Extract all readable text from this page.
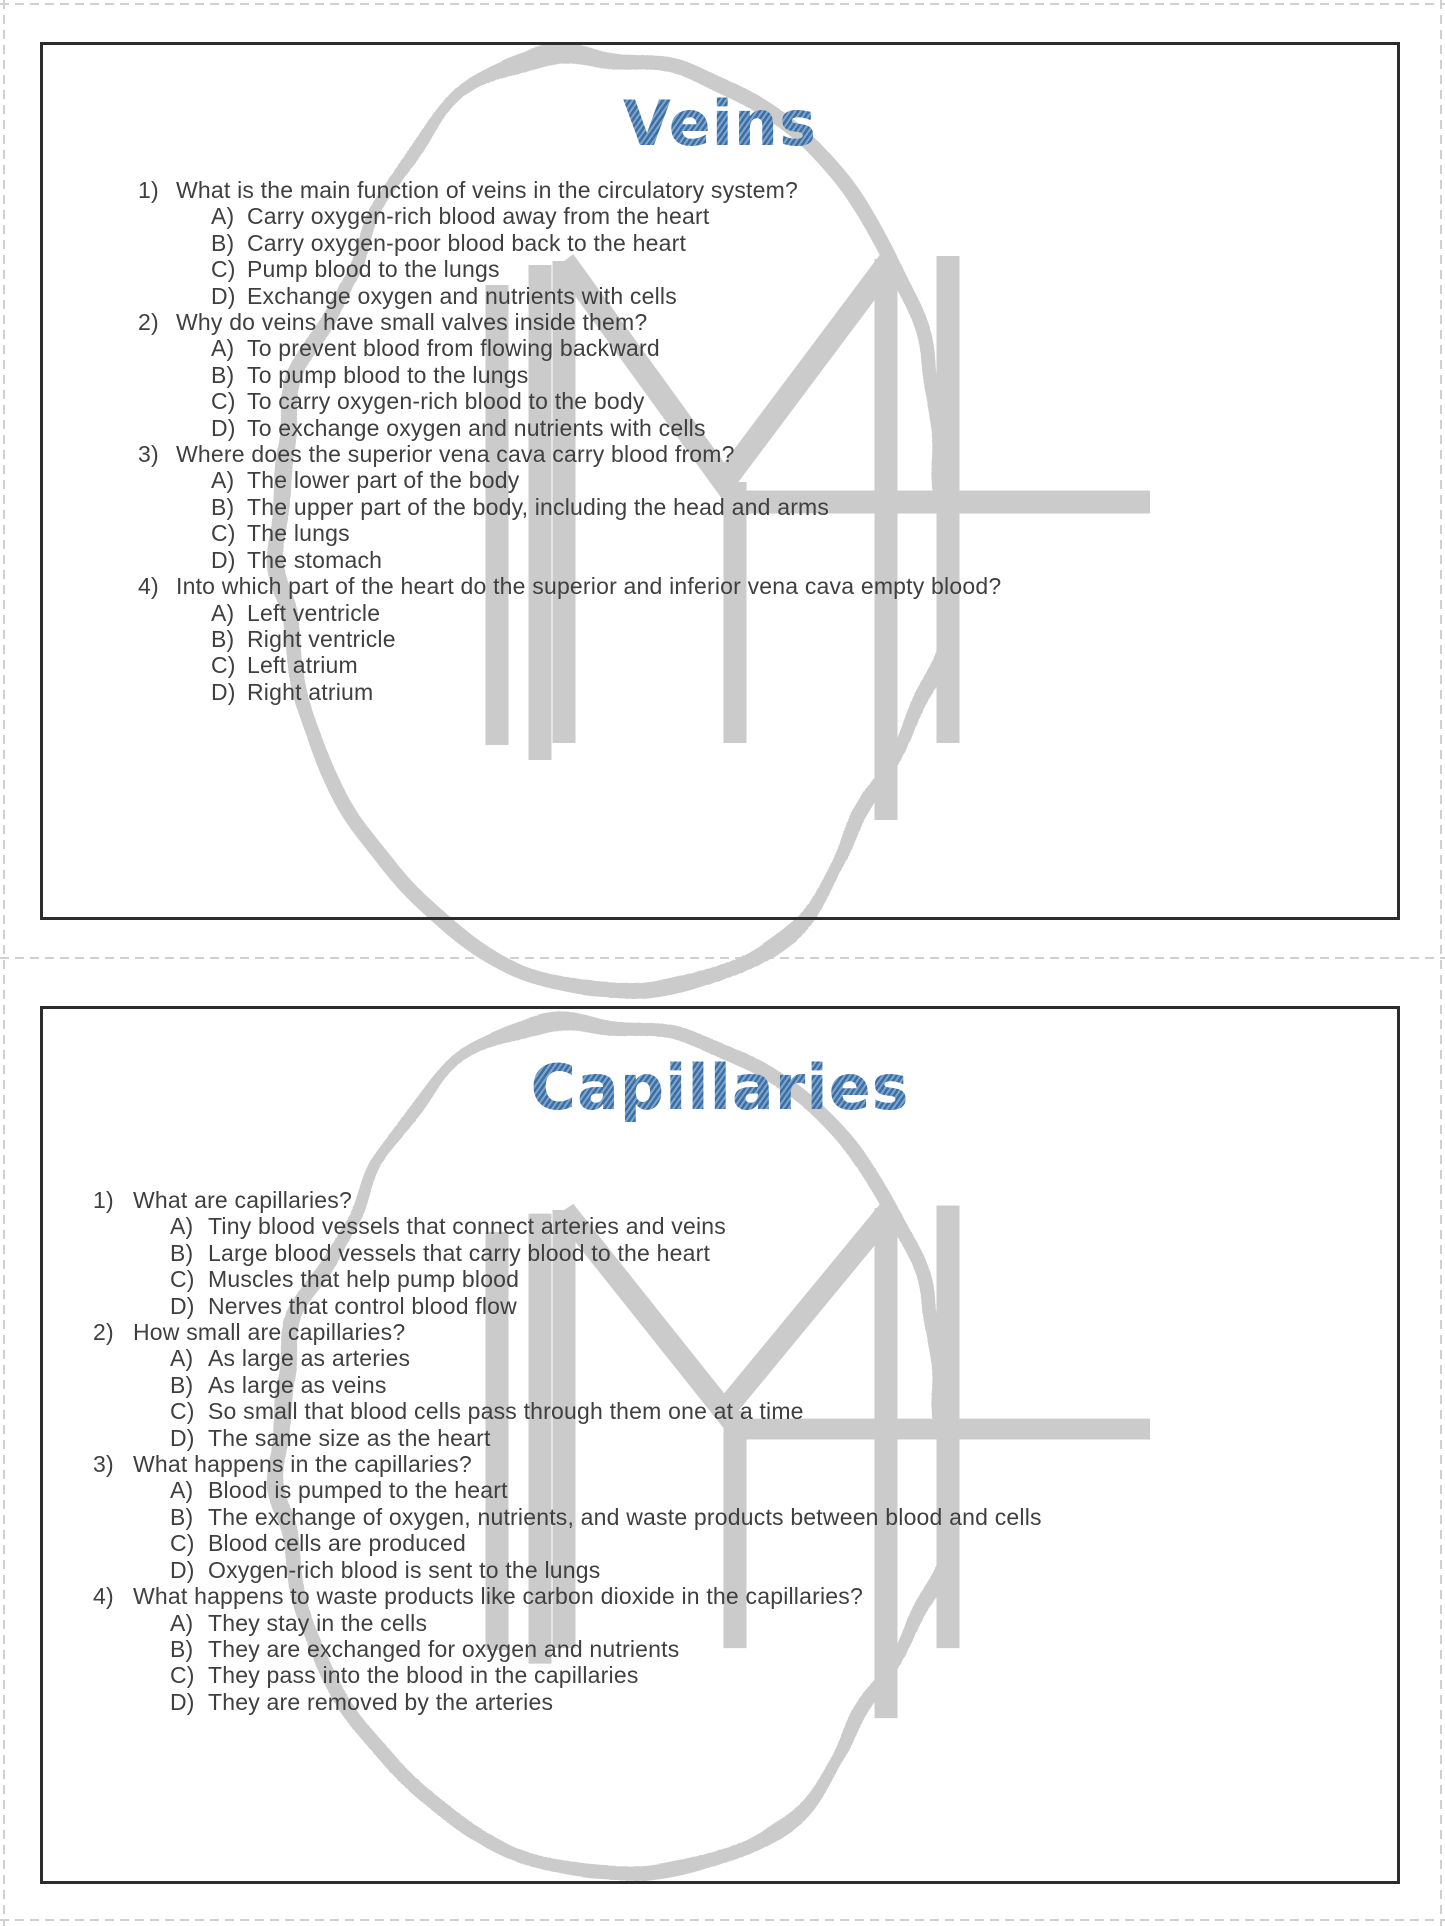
Veins
1) What is the main function of veins in the circulatory system?
A) Carry oxygen-rich blood away from the heart
B) Carry oxygen-poor blood back to the heart
C) Pump blood to the lungs
D) Exchange oxygen and nutrients with cells
2) Why do veins have small valves inside them?
A) To prevent blood from flowing backward
B) To pump blood to the lungs
C) To carry oxygen-rich blood to the body
D) To exchange oxygen and nutrients with cells
3) Where does the superior vena cava carry blood from?
A) The lower part of the body
B) The upper part of the body, including the head and arms
C) The lungs
D) The stomach
4) Into which part of the heart do the superior and inferior vena cava empty blood?
A) Left ventricle
B) Right ventricle
C) Left atrium
D) Right atrium
Capillaries
1) What are capillaries?
A) Tiny blood vessels that connect arteries and veins
B) Large blood vessels that carry blood to the heart
C) Muscles that help pump blood
D) Nerves that control blood flow
2) How small are capillaries?
A) As large as arteries
B) As large as veins
C) So small that blood cells pass through them one at a time
D) The same size as the heart
3) What happens in the capillaries?
A) Blood is pumped to the heart
B) The exchange of oxygen, nutrients, and waste products between blood and cells
C) Blood cells are produced
D) Oxygen-rich blood is sent to the lungs
4) What happens to waste products like carbon dioxide in the capillaries?
A) They stay in the cells
B) They are exchanged for oxygen and nutrients
C) They pass into the blood in the capillaries
D) They are removed by the arteries
